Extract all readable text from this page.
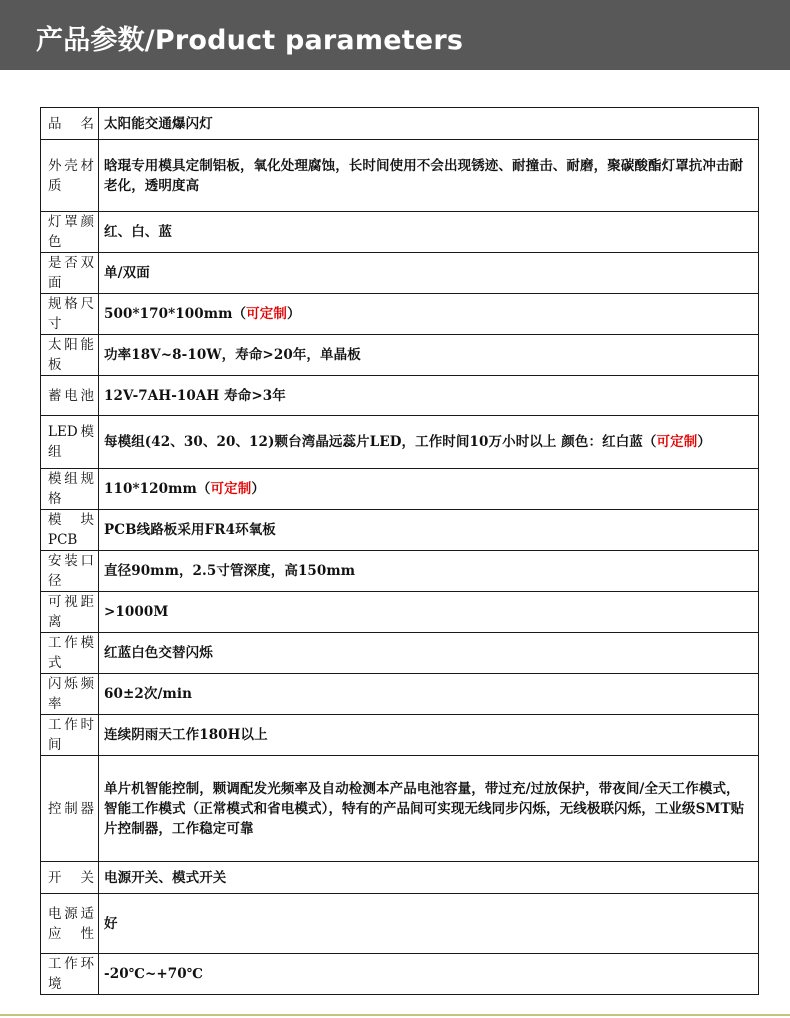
产品参数/Product parameters
品名	太阳能交通爆闪灯
外壳材质	晗琨专用模具定制铝板，氧化处理腐蚀，长时间使用不会出现锈迹、耐撞击、耐磨，聚碳酸酯灯罩抗冲击耐老化，透明度高
灯罩颜色	红、白、蓝
是否双面	单/双面
规格尺寸	500*170*100mm（可定制）
太阳能板	功率18V~8-10W，寿命>20年，单晶板
蓄电池	12V-7AH-10AH 寿命>3年
LED模组	每模组(42、30、20、12)颗台湾晶远蕊片LED，工作时间10万小时以上 颜色：红白蓝（可定制）
模组规格	110*120mm（可定制）
模块PCB	PCB线路板采用FR4环氧板
安装口径	直径90mm，2.5寸管深度，高150mm
可视距离	>1000M
工作模式	红蓝白色交替闪烁
闪烁频率	60±2次/min
工作时间	连续阴雨天工作180H以上
控制器	单片机智能控制，颗调配发光频率及自动检测本产品电池容量，带过充/过放保护，带夜间/全天工作模式，智能工作模式（正常模式和省电模式），特有的产品间可实现无线同步闪烁，无线极联闪烁，工业级SMT贴片控制器，工作稳定可靠
开关	电源开关、模式开关
电源适应性	好
工作环境	-20℃~+70℃
